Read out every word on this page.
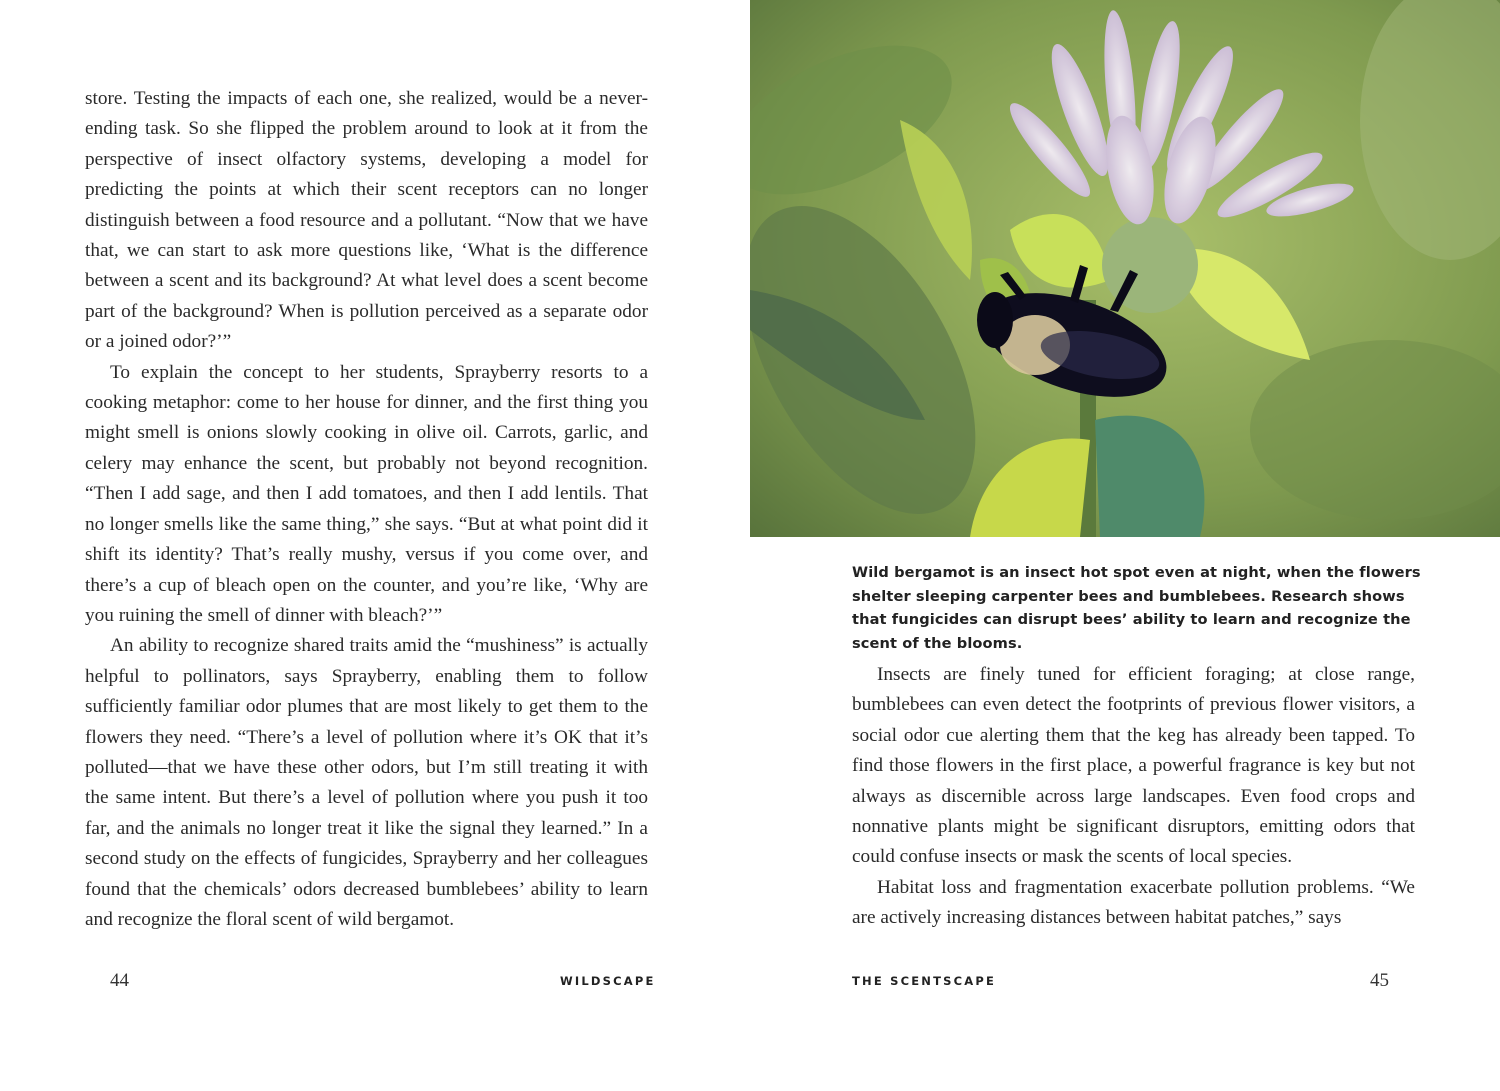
store. Testing the impacts of each one, she realized, would be a never-ending task. So she flipped the problem around to look at it from the perspective of insect olfactory systems, developing a model for predicting the points at which their scent receptors can no longer distinguish between a food resource and a pollutant. “Now that we have that, we can start to ask more questions like, ‘What is the difference between a scent and its background? At what level does a scent become part of the background? When is pollution perceived as a separate odor or a joined odor?’”

To explain the concept to her students, Sprayberry resorts to a cooking metaphor: come to her house for dinner, and the first thing you might smell is onions slowly cooking in olive oil. Carrots, garlic, and celery may enhance the scent, but probably not beyond recognition. “Then I add sage, and then I add tomatoes, and then I add lentils. That no longer smells like the same thing,” she says. “But at what point did it shift its identity? That’s really mushy, versus if you come over, and there’s a cup of bleach open on the counter, and you’re like, ‘Why are you ruining the smell of dinner with bleach?’”

An ability to recognize shared traits amid the “mushiness” is actually helpful to pollinators, says Sprayberry, enabling them to follow sufficiently familiar odor plumes that are most likely to get them to the flowers they need. “There’s a level of pollution where it’s OK that it’s polluted—that we have these other odors, but I’m still treating it with the same intent. But there’s a level of pollution where you push it too far, and the animals no longer treat it like the signal they learned.” In a second study on the effects of fungicides, Sprayberry and her colleagues found that the chemicals’ odors decreased bumblebees’ ability to learn and recognize the floral scent of wild bergamot.

44	WILDSCAPE
Wild bergamot is an insect hot spot even at night, when the flowers shelter sleeping carpenter bees and bumblebees. Research shows that fungicides can disrupt bees’ ability to learn and recognize the scent of the blooms.

Insects are finely tuned for efficient foraging; at close range, bumblebees can even detect the footprints of previous flower visitors, a social odor cue alerting them that the keg has already been tapped. To find those flowers in the first place, a powerful fragrance is key but not always as discernible across large landscapes. Even food crops and nonnative plants might be significant disruptors, emitting odors that could confuse insects or mask the scents of local species.

Habitat loss and fragmentation exacerbate pollution problems. “We are actively increasing distances between habitat patches,” says

THE SCENTSCAPE	45
